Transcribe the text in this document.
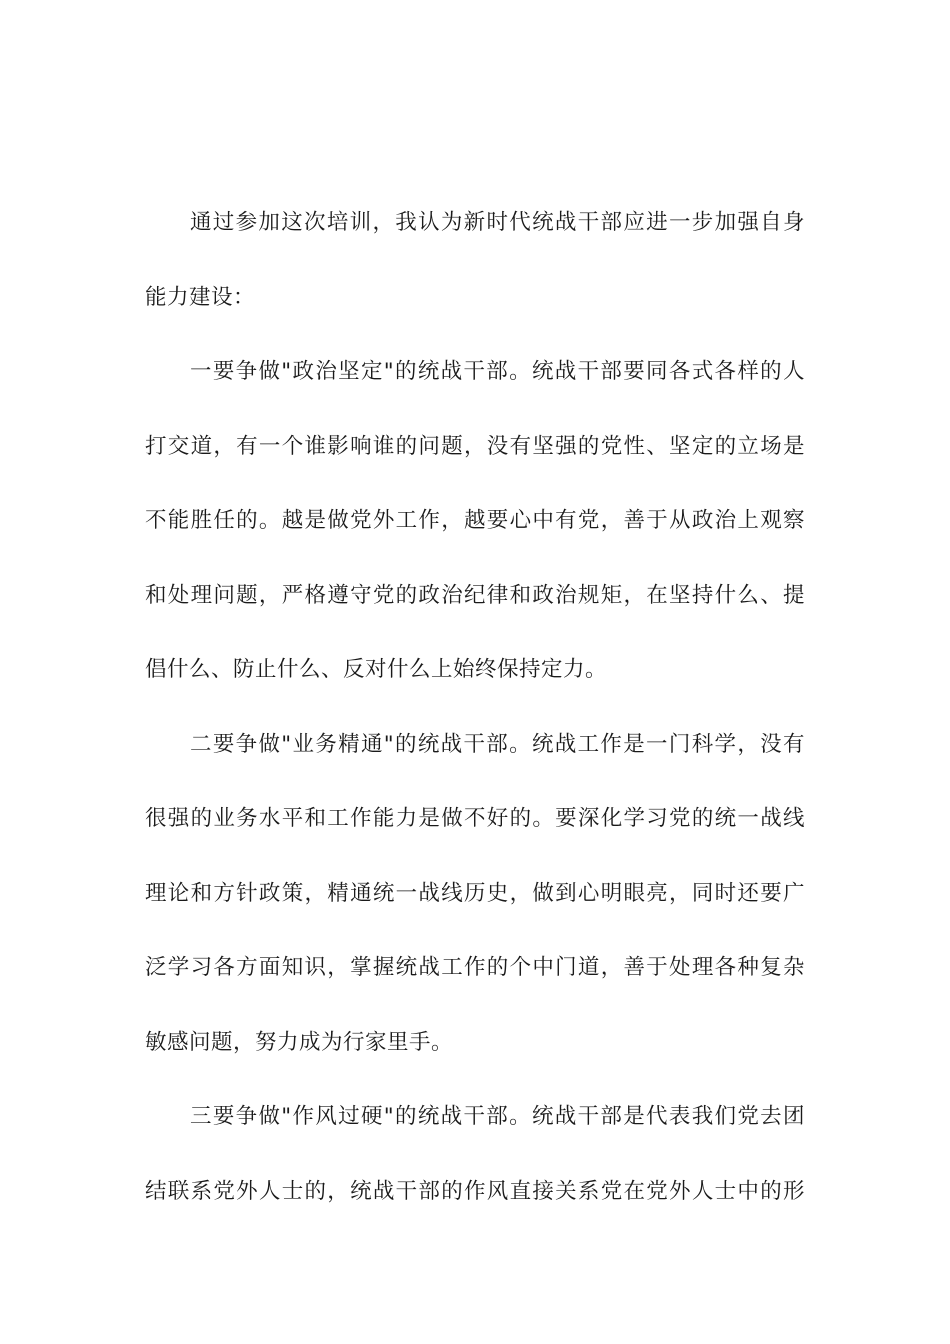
通过参加这次培训，我认为新时代统战干部应进一步加强自身
能力建设：
一要争做"政治坚定"的统战干部。统战干部要同各式各样的人
打交道，有一个谁影响谁的问题，没有坚强的党性、坚定的立场是
不能胜任的。越是做党外工作，越要心中有党，善于从政治上观察
和处理问题，严格遵守党的政治纪律和政治规矩，在坚持什么、提
倡什么、防止什么、反对什么上始终保持定力。
二要争做"业务精通"的统战干部。统战工作是一门科学，没有
很强的业务水平和工作能力是做不好的。要深化学习党的统一战线
理论和方针政策，精通统一战线历史，做到心明眼亮，同时还要广
泛学习各方面知识，掌握统战工作的个中门道，善于处理各种复杂
敏感问题，努力成为行家里手。
三要争做"作风过硬"的统战干部。统战干部是代表我们党去团
结联系党外人士的，统战干部的作风直接关系党在党外人士中的形
